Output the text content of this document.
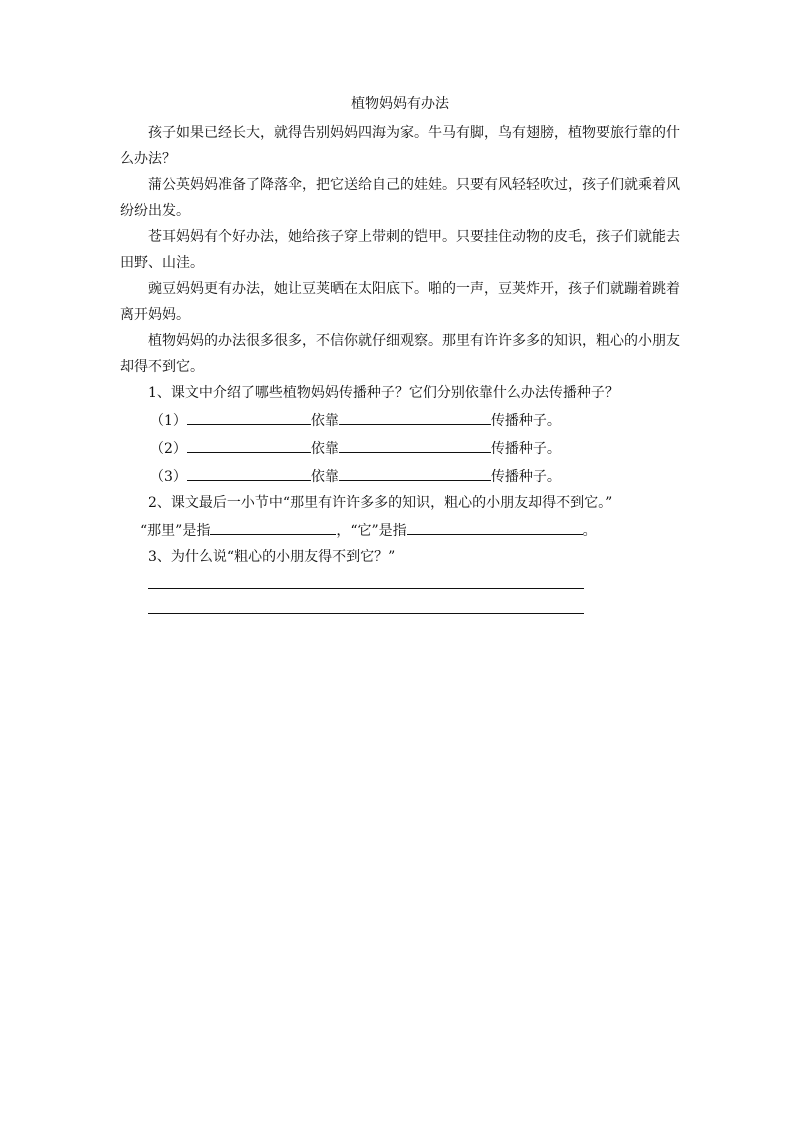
植物妈妈有办法

孩子如果已经长大，就得告别妈妈四海为家。牛马有脚，鸟有翅膀，植物要旅行靠的什么办法？

蒲公英妈妈准备了降落伞，把它送给自己的娃娃。只要有风轻轻吹过，孩子们就乘着风纷纷出发。

苍耳妈妈有个好办法，她给孩子穿上带刺的铠甲。只要挂住动物的皮毛，孩子们就能去田野、山洼。

豌豆妈妈更有办法，她让豆荚晒在太阳底下。啪的一声，豆荚炸开，孩子们就蹦着跳着离开妈妈。

植物妈妈的办法很多很多，不信你就仔细观察。那里有许许多多的知识，粗心的小朋友却得不到它。

1、课文中介绍了哪些植物妈妈传播种子？它们分别依靠什么办法传播种子？

（1）	依靠	传播种子。

（2）	依靠	传播种子。

（3）	依靠	传播种子。

2、课文最后一小节中“那里有许许多多的知识，粗心的小朋友却得不到它。”

“那里”是指	，“它”是指	。

3、为什么说“粗心的小朋友得不到它？”
